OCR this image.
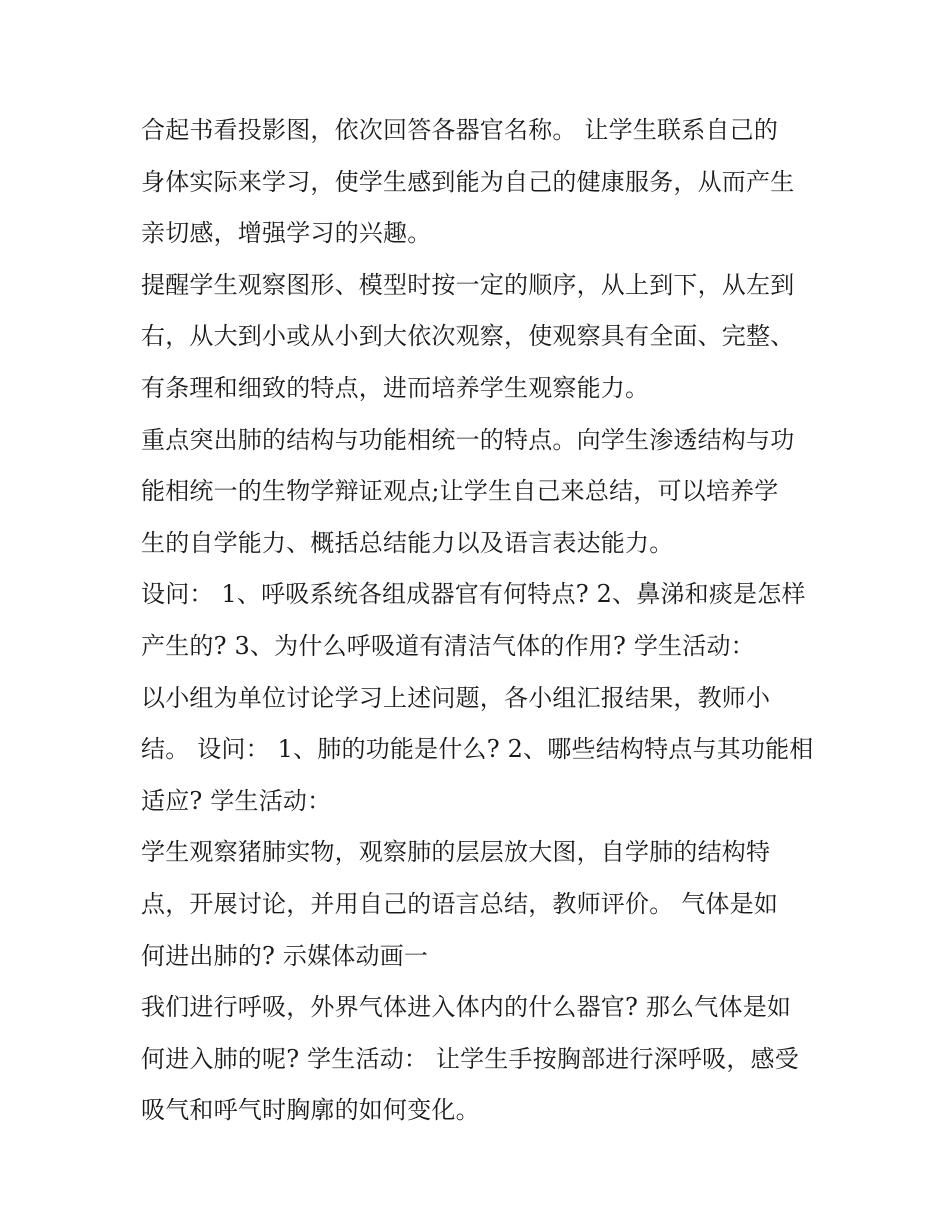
合起书看投影图，依次回答各器官名称。 让学生联系自己的
身体实际来学习，使学生感到能为自己的健康服务，从而产生
亲切感，增强学习的兴趣。
提醒学生观察图形、模型时按一定的顺序，从上到下，从左到
右，从大到小或从小到大依次观察，使观察具有全面、完整、
有条理和细致的特点，进而培养学生观察能力。
重点突出肺的结构与功能相统一的特点。向学生渗透结构与功
能相统一的生物学辩证观点;让学生自己来总结，可以培养学
生的自学能力、概括总结能力以及语言表达能力。
设问： 1、呼吸系统各组成器官有何特点? 2、鼻涕和痰是怎样
产生的? 3、为什么呼吸道有清洁气体的作用? 学生活动：
以小组为单位讨论学习上述问题，各小组汇报结果，教师小
结。 设问： 1、肺的功能是什么? 2、哪些结构特点与其功能相
适应? 学生活动：
学生观察猪肺实物，观察肺的层层放大图，自学肺的结构特
点，开展讨论，并用自己的语言总结，教师评价。 气体是如
何进出肺的? 示媒体动画一
我们进行呼吸，外界气体进入体内的什么器官? 那么气体是如
何进入肺的呢? 学生活动： 让学生手按胸部进行深呼吸，感受
吸气和呼气时胸廓的如何变化。
